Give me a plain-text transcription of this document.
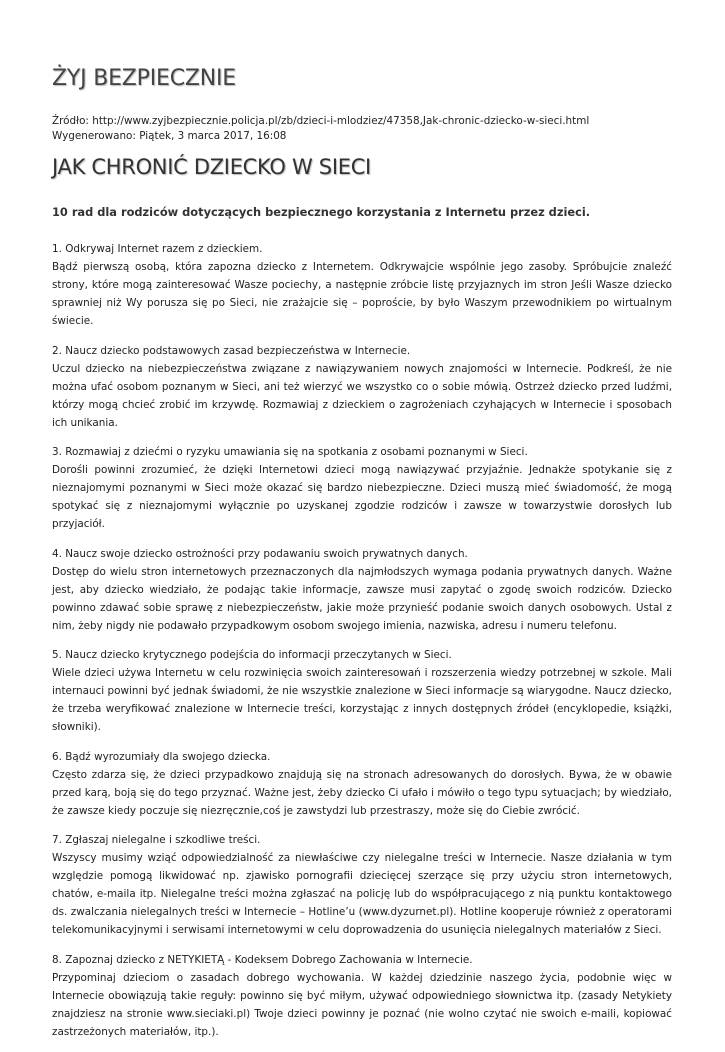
ŻYJ BEZPIECZNIE
Źródło: http://www.zyjbezpiecznie.policja.pl/zb/dzieci-i-mlodziez/47358,Jak-chronic-dziecko-w-sieci.html
Wygenerowano: Piątek, 3 marca 2017, 16:08
JAK CHRONIĆ DZIECKO W SIECI
10 rad dla rodziców dotyczących bezpiecznego korzystania z Internetu przez dzieci.

1. Odkrywaj Internet razem z dzieckiem.
Bądź pierwszą osobą, która zapozna dziecko z Internetem. Odkrywajcie wspólnie jego zasoby. Spróbujcie znaleźć strony, które mogą zainteresować Wasze pociechy, a następnie zróbcie listę przyjaznych im stron Jeśli Wasze dziecko sprawniej niż Wy porusza się po Sieci, nie zrażajcie się – poproście, by było Waszym przewodnikiem po wirtualnym świecie.

2. Naucz dziecko podstawowych zasad bezpieczeństwa w Internecie.
Uczul dziecko na niebezpieczeństwa związane z nawiązywaniem nowych znajomości w Internecie. Podkreśl, że nie można ufać osobom poznanym w Sieci, ani też wierzyć we wszystko co o sobie mówią. Ostrzeż dziecko przed ludźmi, którzy mogą chcieć zrobić im krzywdę. Rozmawiaj z dzieckiem o zagrożeniach czyhających w Internecie i sposobach ich unikania.

3. Rozmawiaj z dziećmi o ryzyku umawiania się na spotkania z osobami poznanymi w Sieci.
Dorośli powinni zrozumieć, że dzięki Internetowi dzieci mogą nawiązywać przyjaźnie. Jednakże spotykanie się z nieznajomymi poznanymi w Sieci może okazać się bardzo niebezpieczne. Dzieci muszą mieć świadomość, że mogą spotykać się z nieznajomymi wyłącznie po uzyskanej zgodzie rodziców i zawsze w towarzystwie dorosłych lub przyjaciół.

4. Naucz swoje dziecko ostrożności przy podawaniu swoich prywatnych danych.
Dostęp do wielu stron internetowych przeznaczonych dla najmłodszych wymaga podania prywatnych danych. Ważne jest, aby dziecko wiedziało, że podając takie informacje, zawsze musi zapytać o zgodę swoich rodziców. Dziecko powinno zdawać sobie sprawę z niebezpieczeństw, jakie może przynieść podanie swoich danych osobowych. Ustal z nim, żeby nigdy nie podawało przypadkowym osobom swojego imienia, nazwiska, adresu i numeru telefonu.

5. Naucz dziecko krytycznego podejścia do informacji przeczytanych w Sieci.
Wiele dzieci używa Internetu w celu rozwinięcia swoich zainteresowań i rozszerzenia wiedzy potrzebnej w szkole. Mali internauci powinni być jednak świadomi, że nie wszystkie znalezione w Sieci informacje są wiarygodne. Naucz dziecko, że trzeba weryfikować znalezione w Internecie treści, korzystając z innych dostępnych źródeł (encyklopedie, książki, słowniki).

6. Bądź wyrozumiały dla swojego dziecka.
Często zdarza się, że dzieci przypadkowo znajdują się na stronach adresowanych do dorosłych. Bywa, że w obawie przed karą, boją się do tego przyznać. Ważne jest, żeby dziecko Ci ufało i mówiło o tego typu sytuacjach; by wiedziało, że zawsze kiedy poczuje się niezręcznie,coś je zawstydzi lub przestraszy, może się do Ciebie zwrócić.

7. Zgłaszaj nielegalne i szkodliwe treści.
Wszyscy musimy wziąć odpowiedzialność za niewłaściwe czy nielegalne treści w Internecie. Nasze działania w tym względzie pomogą likwidować np. zjawisko pornografii dziecięcej szerzące się przy użyciu stron internetowych, chatów, e-maila itp. Nielegalne treści można zgłaszać na policję lub do współpracującego z nią punktu kontaktowego ds. zwalczania nielegalnych treści w Internecie – Hotline’u (www.dyzurnet.pl). Hotline kooperuje również z operatorami telekomunikacyjnymi i serwisami internetowymi w celu doprowadzenia do usunięcia nielegalnych materiałów z Sieci.

8. Zapoznaj dziecko z NETYKIETĄ - Kodeksem Dobrego Zachowania w Internecie.
Przypominaj dzieciom o zasadach dobrego wychowania. W każdej dziedzinie naszego życia, podobnie więc w Internecie obowiązują takie reguły: powinno się być miłym, używać odpowiedniego słownictwa itp. (zasady Netykiety znajdziesz na stronie www.sieciaki.pl) Twoje dzieci powinny je poznać (nie wolno czytać nie swoich e-maili, kopiować zastrzeżonych materiałów, itp.).
